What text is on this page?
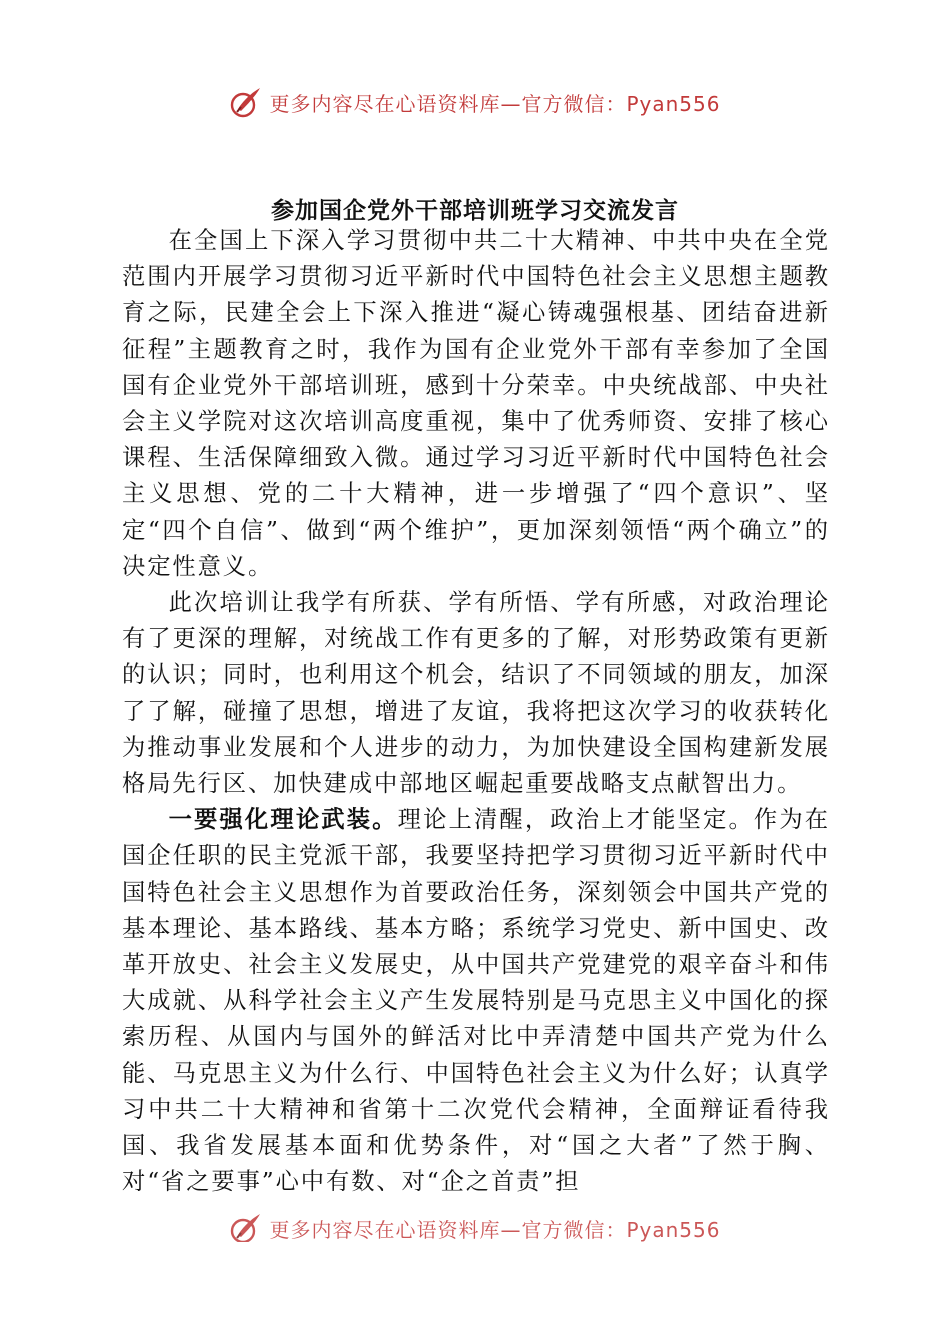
更多内容尽在心语资料库—官方微信：Pyan556
参加国企党外干部培训班学习交流发言

在全国上下深入学习贯彻中共二十大精神、中共中央在全党范围内开展学习贯彻习近平新时代中国特色社会主义思想主题教育之际，民建全会上下深入推进“凝心铸魂强根基、团结奋进新征程”主题教育之时，我作为国有企业党外干部有幸参加了全国国有企业党外干部培训班，感到十分荣幸。中央统战部、中央社会主义学院对这次培训高度重视，集中了优秀师资、安排了核心课程、生活保障细致入微。通过学习习近平新时代中国特色社会主义思想、党的二十大精神，进一步增强了“四个意识”、坚定“四个自信”、做到“两个维护”，更加深刻领悟“两个确立”的决定性意义。

此次培训让我学有所获、学有所悟、学有所感，对政治理论有了更深的理解，对统战工作有更多的了解，对形势政策有更新的认识；同时，也利用这个机会，结识了不同领域的朋友，加深了了解，碰撞了思想，增进了友谊，我将把这次学习的收获转化为推动事业发展和个人进步的动力，为加快建设全国构建新发展格局先行区、加快建成中部地区崛起重要战略支点献智出力。

一要强化理论武装。理论上清醒，政治上才能坚定。作为在国企任职的民主党派干部，我要坚持把学习贯彻习近平新时代中国特色社会主义思想作为首要政治任务，深刻领会中国共产党的基本理论、基本路线、基本方略；系统学习党史、新中国史、改革开放史、社会主义发展史，从中国共产党建党的艰辛奋斗和伟大成就、从科学社会主义产生发展特别是马克思主义中国化的探索历程、从国内与国外的鲜活对比中弄清楚中国共产党为什么能、马克思主义为什么行、中国特色社会主义为什么好；认真学习中共二十大精神和省第十二次党代会精神，全面辩证看待我国、我省发展基本面和优势条件，对“国之大者”了然于胸、对“省之要事”心中有数、对“企之首责”担

更多内容尽在心语资料库—官方微信：Pyan556
